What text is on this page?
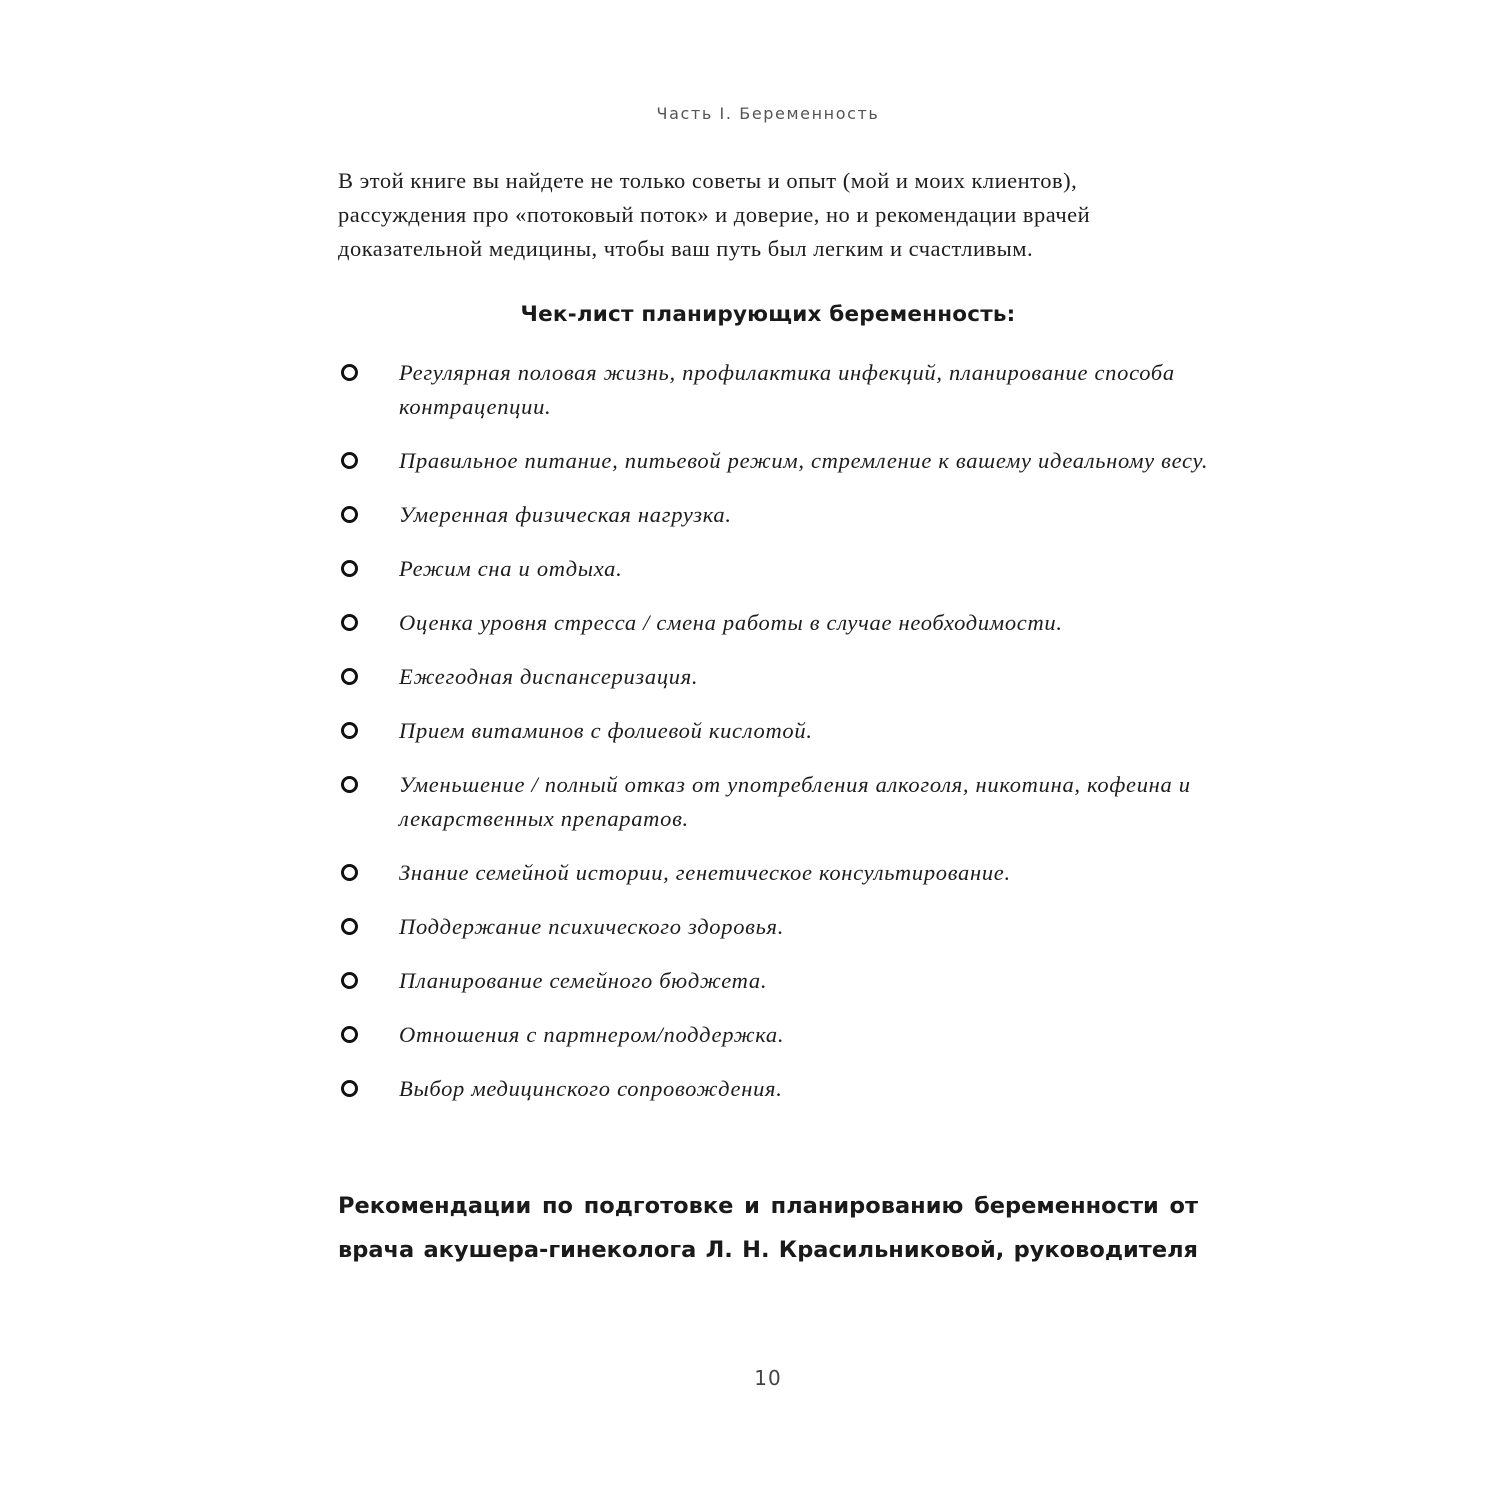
Часть I. Беременность

В этой книге вы найдете не только советы и опыт (мой и моих клиентов), рассуждения про «потоковый поток» и доверие, но и рекомендации врачей доказательной медицины, чтобы ваш путь был легким и счастливым.

Чек-лист планирующих беременность:
Регулярная половая жизнь, профилактика инфекций, планирование способа контрацепции.
Правильное питание, питьевой режим, стремление к вашему идеальному весу.
Умеренная физическая нагрузка.
Режим сна и отдыха.
Оценка уровня стресса / смена работы в случае необходимости.
Ежегодная диспансеризация.
Прием витаминов с фолиевой кислотой.
Уменьшение / полный отказ от употребления алкоголя, никотина, кофеина и лекарственных препаратов.
Знание семейной истории, генетическое консультирование.
Поддержание психического здоровья.
Планирование семейного бюджета.
Отношения с партнером/поддержка.
Выбор медицинского сопровождения.
Рекомендации по подготовке и планированию беременности от врача акушера-гинеколога Л. Н. Красильниковой, руководителя
10
